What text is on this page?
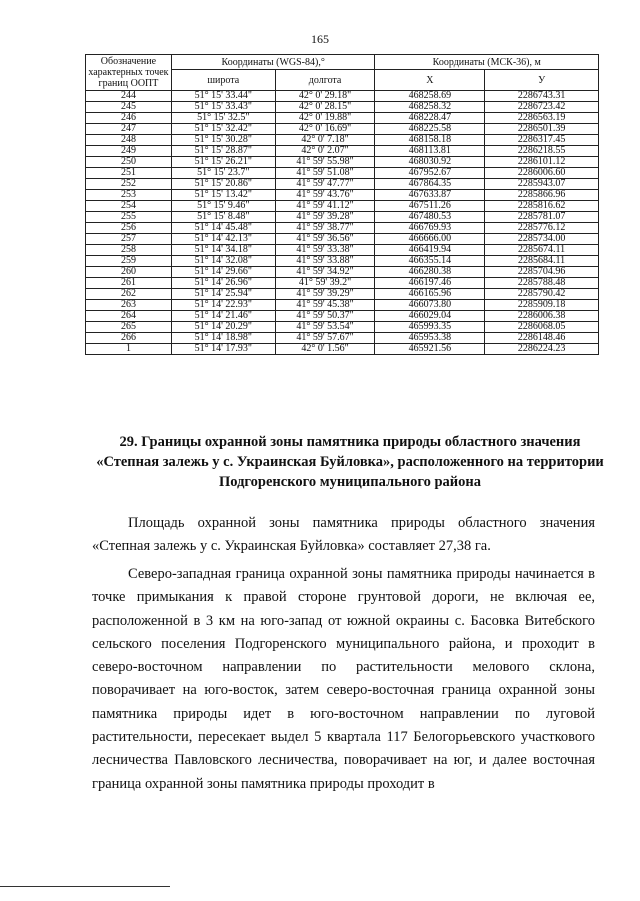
165
Обозначение характерных точек границ ООПТ	Координаты (WGS-84),°		Координаты (МСК-36), м	
	широта	долгота	X	У
244	51° 15' 33.44"	42° 0' 29.18"	468258.69	2286743.31
245	51° 15' 33.43"	42° 0' 28.15"	468258.32	2286723.42
246	51° 15' 32.5"	42° 0' 19.88"	468228.47	2286563.19
247	51° 15' 32.42"	42° 0' 16.69"	468225.58	2286501.39
248	51° 15' 30.28"	42° 0' 7.18"	468158.18	2286317.45
249	51° 15' 28.87"	42° 0' 2.07"	468113.81	2286218.55
250	51° 15' 26.21"	41° 59' 55.98"	468030.92	2286101.12
251	51° 15' 23.7"	41° 59' 51.08"	467952.67	2286006.60
252	51° 15' 20.86"	41° 59' 47.77"	467864.35	2285943.07
253	51° 15' 13.42"	41° 59' 43.76"	467633.87	2285866.96
254	51° 15' 9.46"	41° 59' 41.12"	467511.26	2285816.62
255	51° 15' 8.48"	41° 59' 39.28"	467480.53	2285781.07
256	51° 14' 45.48"	41° 59' 38.77"	466769.93	2285776.12
257	51° 14' 42.13"	41° 59' 36.56"	466666.00	2285734.00
258	51° 14' 34.18"	41° 59' 33.38"	466419.94	2285674.11
259	51° 14' 32.08"	41° 59' 33.88"	466355.14	2285684.11
260	51° 14' 29.66"	41° 59' 34.92"	466280.38	2285704.96
261	51° 14' 26.96"	41° 59' 39.2"	466197.46	2285788.48
262	51° 14' 25.94"	41° 59' 39.29"	466165.96	2285790.42
263	51° 14' 22.93"	41° 59' 45.38"	466073.80	2285909.18
264	51° 14' 21.46"	41° 59' 50.37"	466029.04	2286006.38
265	51° 14' 20.29"	41° 59' 53.54"	465993.35	2286068.05
266	51° 14' 18.98"	41° 59' 57.67"	465953.38	2286148.46
1	51° 14' 17.93"	42° 0' 1.56"	465921.56	2286224.23

29. Границы охранной зоны памятника природы областного значения «Степная залежь у с. Украинская Буйловка», расположенного на территории Подгоренского муниципального района

Площадь охранной зоны памятника природы областного значения «Степная залежь у с. Украинская Буйловка» составляет 27,38 га.

Северо-западная граница охранной зоны памятника природы начинается в точке примыкания к правой стороне грунтовой дороги, не включая ее, расположенной в 3 км на юго-запад от южной окраины с. Басовка Витебского сельского поселения Подгоренского муниципального района, и проходит в северо-восточном направлении по растительности мелового склона, поворачивает на юго-восток, затем северо-восточная граница охранной зоны памятника природы идет в юго-восточном направлении по луговой растительности, пересекает выдел 5 квартала 117 Белогорьевского участкового лесничества Павловского лесничества, поворачивает на юг, и далее восточная граница охранной зоны памятника природы проходит в
